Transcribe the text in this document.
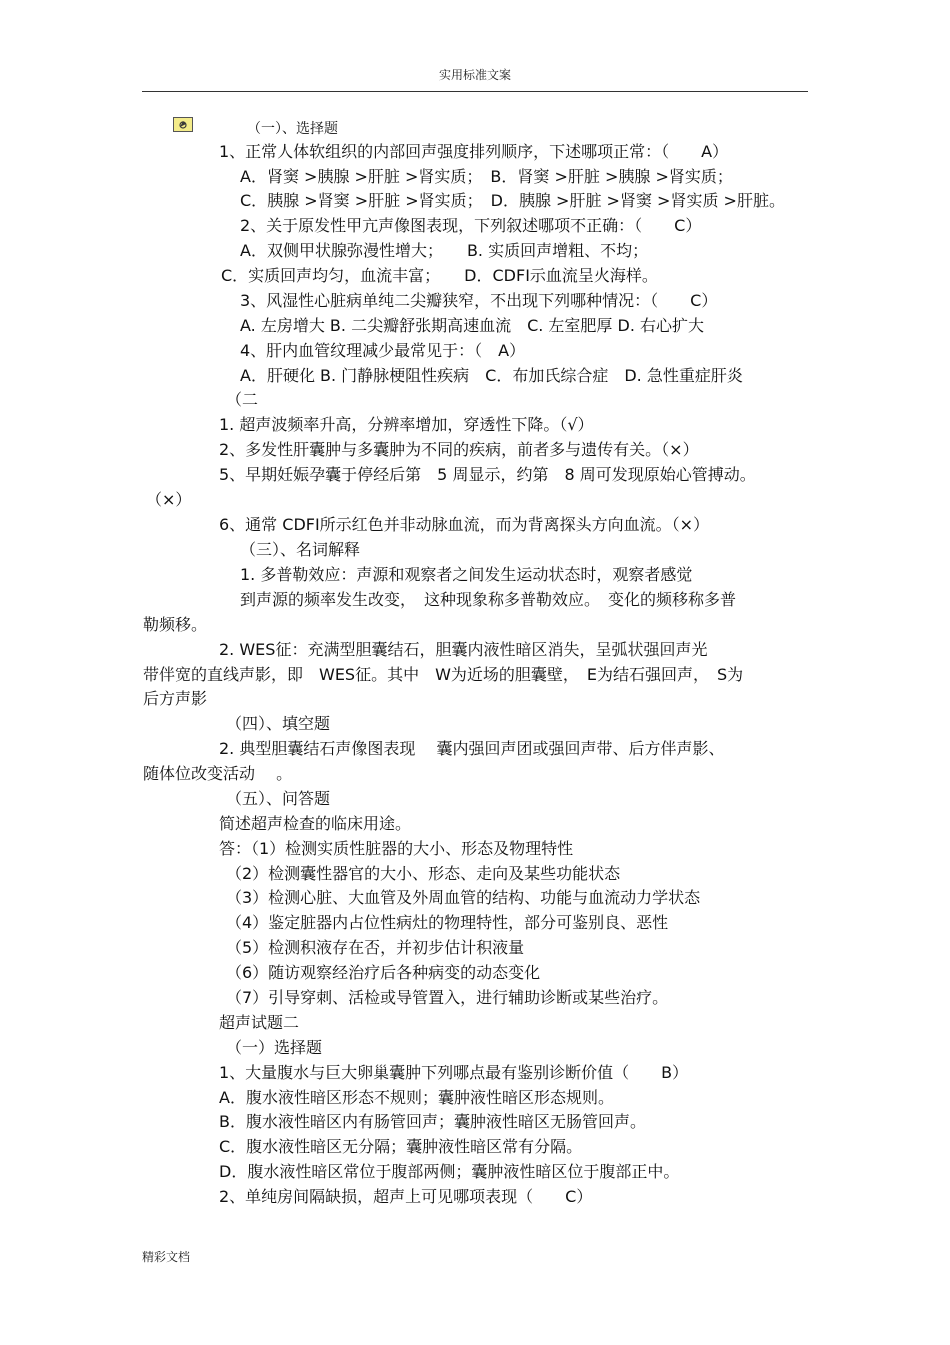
实用标准文案
（一）、选择题
1、正常人体软组织的内部回声强度排列顺序，下述哪项正常：（　　A）
A．肾窦 >胰腺 >肝脏 >肾实质；　B．肾窦 >肝脏 >胰腺 >肾实质；
C．胰腺 >肾窦 >肝脏 >肾实质；　D．胰腺 >肝脏 >肾窦 >肾实质 >肝脏。
2、关于原发性甲亢声像图表现，下列叙述哪项不正确：（　　C）
A．双侧甲状腺弥漫性增大；　　B. 实质回声增粗、不均；
C．实质回声均匀，血流丰富；　　D．CDFI示血流呈火海样。
3、风湿性心脏病单纯二尖瓣狭窄，不出现下列哪种情况：（　　C）
A. 左房增大 B. 二尖瓣舒张期高速血流　C. 左室肥厚 D. 右心扩大
4、肝内血管纹理减少最常见于：（　A）
A．肝硬化 B. 门静脉梗阻性疾病　C．布加氏综合症　D. 急性重症肝炎
（二
1. 超声波频率升高，分辨率增加，穿透性下降。（√）
2、多发性肝囊肿与多囊肿为不同的疾病，前者多与遗传有关。（×）
5、早期妊娠孕囊于停经后第　5 周显示，约第　8 周可发现原始心管搏动。
（×）
6、通常 CDFI所示红色并非动脉血流，而为背离探头方向血流。（×）
（三）、名词解释
1. 多普勒效应：声源和观察者之间发生运动状态时，观察者感觉
到声源的频率发生改变，　这种现象称多普勒效应。　变化的频移称多普
勒频移。
2. WES征：充满型胆囊结石，胆囊内液性暗区消失，呈弧状强回声光
带伴宽的直线声影，即　WES征。其中　W为近场的胆囊壁，　E为结石强回声，　S为
后方声影
（四）、填空题
2. 典型胆囊结石声像图表现　 囊内强回声团或强回声带、后方伴声影、
随体位改变活动　 。
（五）、问答题
简述超声检查的临床用途。
答：（1）检测实质性脏器的大小、形态及物理特性
（2）检测囊性器官的大小、形态、走向及某些功能状态
（3）检测心脏、大血管及外周血管的结构、功能与血流动力学状态
（4）鉴定脏器内占位性病灶的物理特性，部分可鉴别良、恶性
（5）检测积液存在否，并初步估计积液量
（6）随访观察经治疗后各种病变的动态变化
（7）引导穿刺、活检或导管置入，进行辅助诊断或某些治疗。
超声试题二
（一）选择题
1、大量腹水与巨大卵巢囊肿下列哪点最有鉴别诊断价值（　　B）
A．腹水液性暗区形态不规则；囊肿液性暗区形态规则。
B．腹水液性暗区内有肠管回声；囊肿液性暗区无肠管回声。
C．腹水液性暗区无分隔；囊肿液性暗区常有分隔。
D．腹水液性暗区常位于腹部两侧；囊肿液性暗区位于腹部正中。
2、单纯房间隔缺损，超声上可见哪项表现（　　C）
精彩文档
